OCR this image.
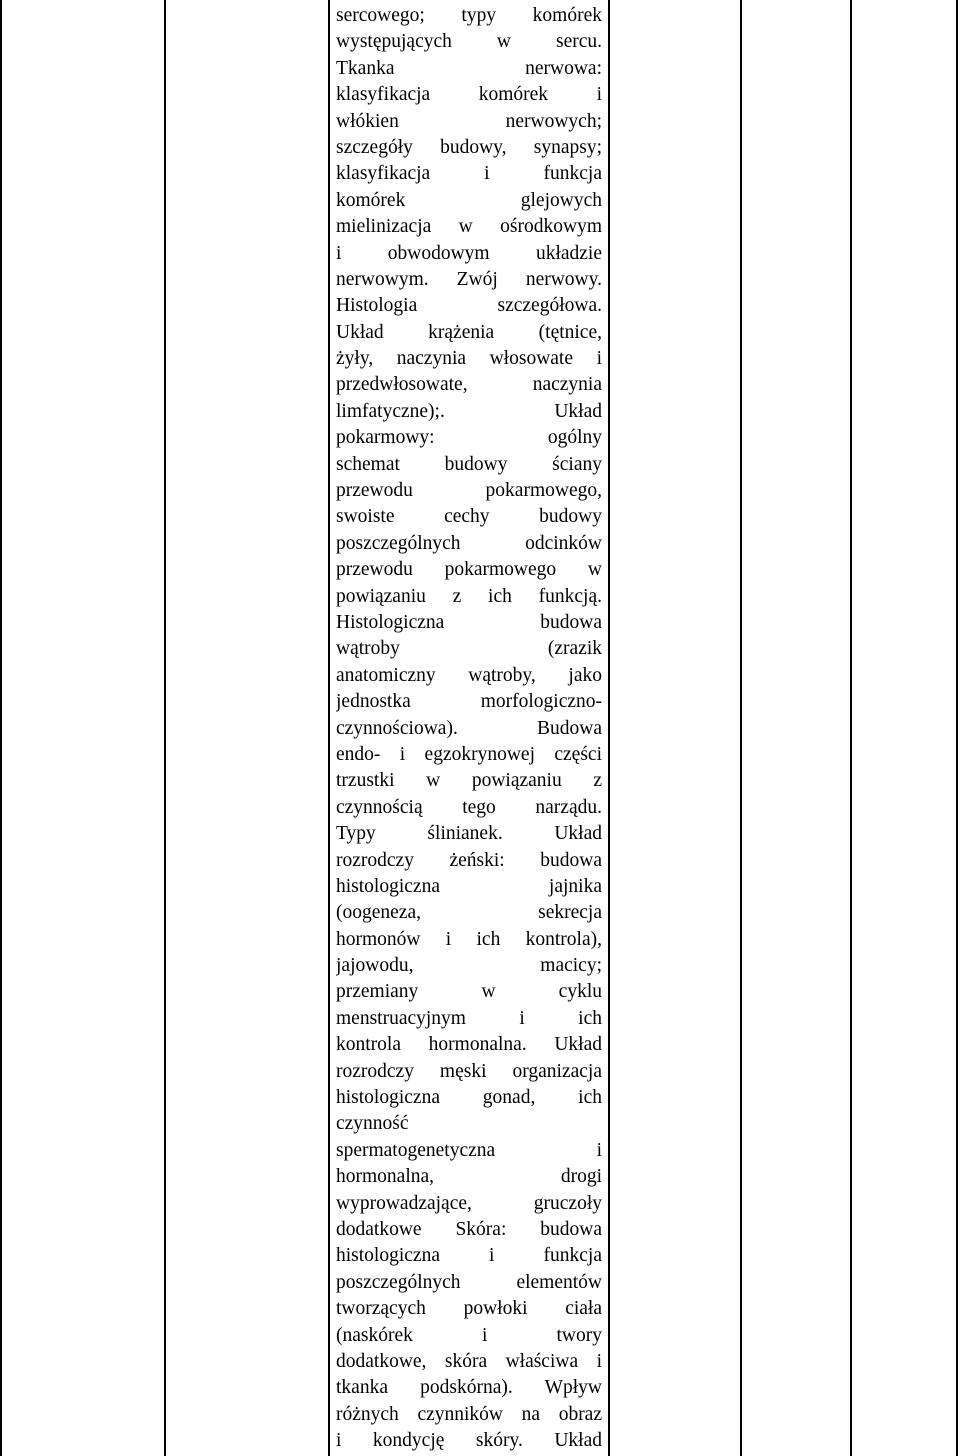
sercowego; typy komórek
występujących w sercu.
Tkanka nerwowa:
klasyfikacja komórek i
włókien nerwowych;
szczegóły budowy, synapsy;
klasyfikacja i funkcja
komórek glejowych
mielinizacja w ośrodkowym
i obwodowym układzie
nerwowym. Zwój nerwowy.
Histologia szczegółowa.
Układ krążenia (tętnice,
żyły, naczynia włosowate i
przedwłosowate, naczynia
limfatyczne);. Układ
pokarmowy: ogólny
schemat budowy ściany
przewodu pokarmowego,
swoiste cechy budowy
poszczególnych odcinków
przewodu pokarmowego w
powiązaniu z ich funkcją.
Histologiczna budowa
wątroby (zrazik
anatomiczny wątroby, jako
jednostka morfologiczno-
czynnościowa). Budowa
endo- i egzokrynowej części
trzustki w powiązaniu z
czynnością tego narządu.
Typy ślinianek. Układ
rozrodczy żeński: budowa
histologiczna jajnika
(oogeneza, sekrecja
hormonów i ich kontrola),
jajowodu, macicy;
przemiany w cyklu
menstruacyjnym i ich
kontrola hormonalna. Układ
rozrodczy męski organizacja
histologiczna gonad, ich
czynność
spermatogenetyczna i
hormonalna, drogi
wyprowadzające, gruczoły
dodatkowe Skóra: budowa
histologiczna i funkcja
poszczególnych elementów
tworzących powłoki ciała
(naskórek i twory
dodatkowe, skóra właściwa i
tkanka podskórna). Wpływ
różnych czynników na obraz
i kondycję skóry. Układ
